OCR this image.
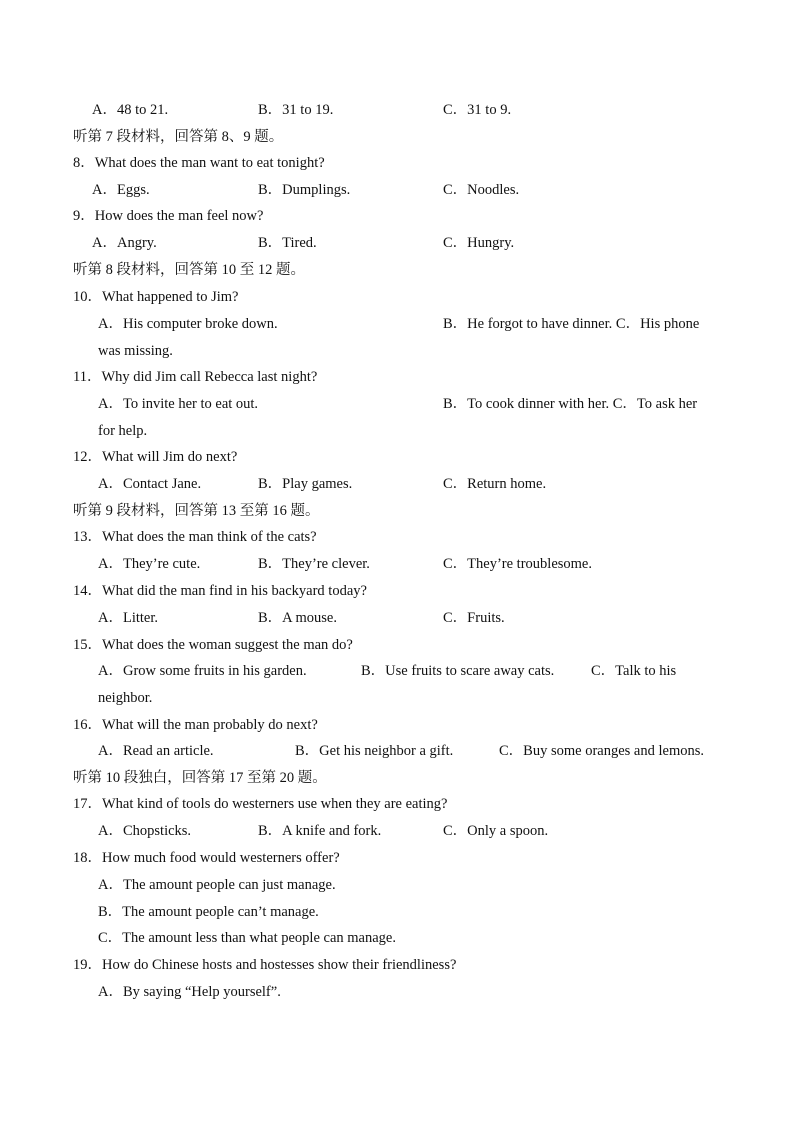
A．48 to 21.	B．31 to 19.	C．31 to 9.
听第 7 段材料，回答第 8、9 题。
8．What does the man want to eat tonight?
A．Eggs.	B．Dumplings.	C．Noodles.
9．How does the man feel now?
A．Angry.	B．Tired.	C．Hungry.
听第 8 段材料，回答第 10 至 12 题。
10．What happened to Jim?
A．His computer broke down.	B．He forgot to have dinner. C．His phone
was missing.
11．Why did Jim call Rebecca last night?
A．To invite her to eat out.	B．To cook dinner with her. C．To ask her
for help.
12．What will Jim do next?
A．Contact Jane.	B．Play games.	C．Return home.
听第 9 段材料，回答第 13 至第 16 题。
13．What does the man think of the cats?
A．They’re cute.	B．They’re clever.	C．They’re troublesome.
14．What did the man find in his backyard today?
A．Litter.	B．A mouse.	C．Fruits.
15．What does the woman suggest the man do?
A．Grow some fruits in his garden.	B．Use fruits to scare away cats.	C．Talk to his
neighbor.
16．What will the man probably do next?
A．Read an article.	B．Get his neighbor a gift.	C．Buy some oranges and lemons.
听第 10 段独白，回答第 17 至第 20 题。
17．What kind of tools do westerners use when they are eating?
A．Chopsticks.	B．A knife and fork.	C．Only a spoon.
18．How much food would westerners offer?
A．The amount people can just manage.
B．The amount people can’t manage.
C．The amount less than what people can manage.
19．How do Chinese hosts and hostesses show their friendliness?
A．By saying “Help yourself”.
